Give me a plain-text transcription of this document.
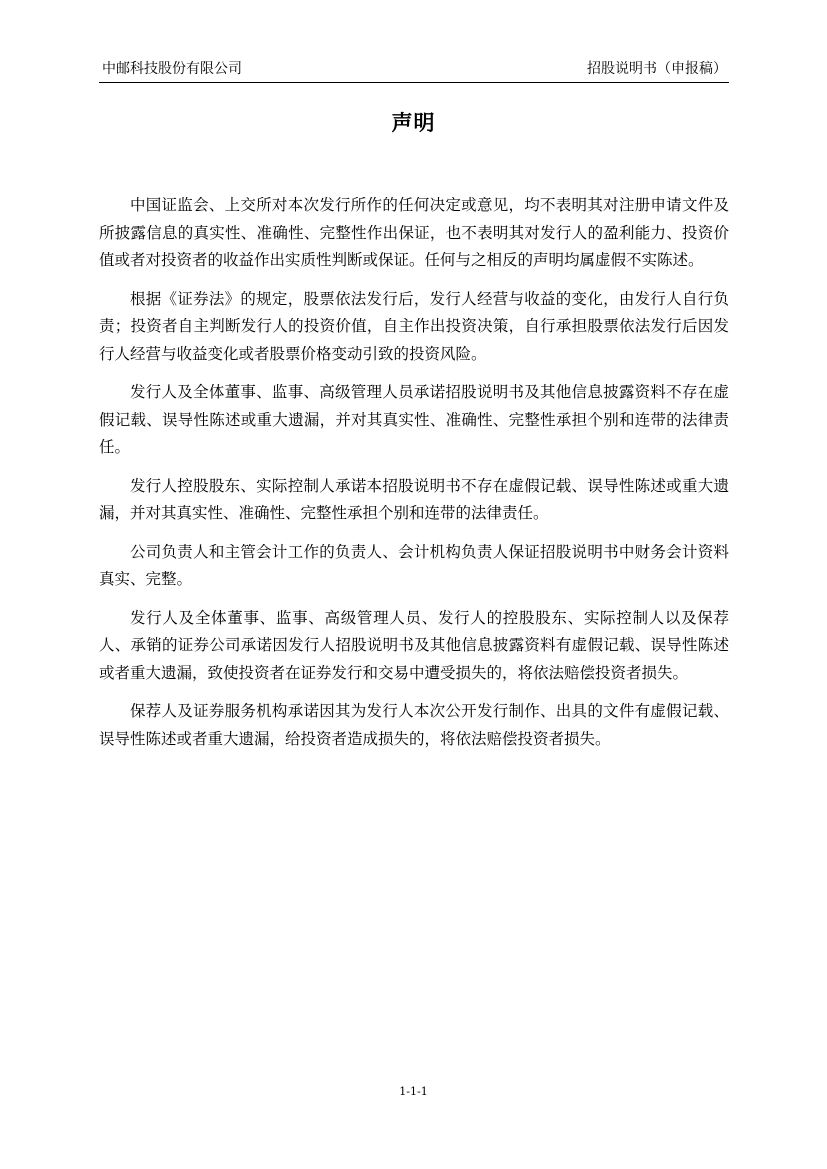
中邮科技股份有限公司	招股说明书（申报稿）
声明

中国证监会、上交所对本次发行所作的任何决定或意见，均不表明其对注册申请文件及所披露信息的真实性、准确性、完整性作出保证，也不表明其对发行人的盈利能力、投资价值或者对投资者的收益作出实质性判断或保证。任何与之相反的声明均属虚假不实陈述。

根据《证券法》的规定，股票依法发行后，发行人经营与收益的变化，由发行人自行负责；投资者自主判断发行人的投资价值，自主作出投资决策，自行承担股票依法发行后因发行人经营与收益变化或者股票价格变动引致的投资风险。

发行人及全体董事、监事、高级管理人员承诺招股说明书及其他信息披露资料不存在虚假记载、误导性陈述或重大遗漏，并对其真实性、准确性、完整性承担个别和连带的法律责任。

发行人控股股东、实际控制人承诺本招股说明书不存在虚假记载、误导性陈述或重大遗漏，并对其真实性、准确性、完整性承担个别和连带的法律责任。

公司负责人和主管会计工作的负责人、会计机构负责人保证招股说明书中财务会计资料真实、完整。

发行人及全体董事、监事、高级管理人员、发行人的控股股东、实际控制人以及保荐人、承销的证券公司承诺因发行人招股说明书及其他信息披露资料有虚假记载、误导性陈述或者重大遗漏，致使投资者在证券发行和交易中遭受损失的，将依法赔偿投资者损失。

保荐人及证券服务机构承诺因其为发行人本次公开发行制作、出具的文件有虚假记载、误导性陈述或者重大遗漏，给投资者造成损失的，将依法赔偿投资者损失。

1-1-1
